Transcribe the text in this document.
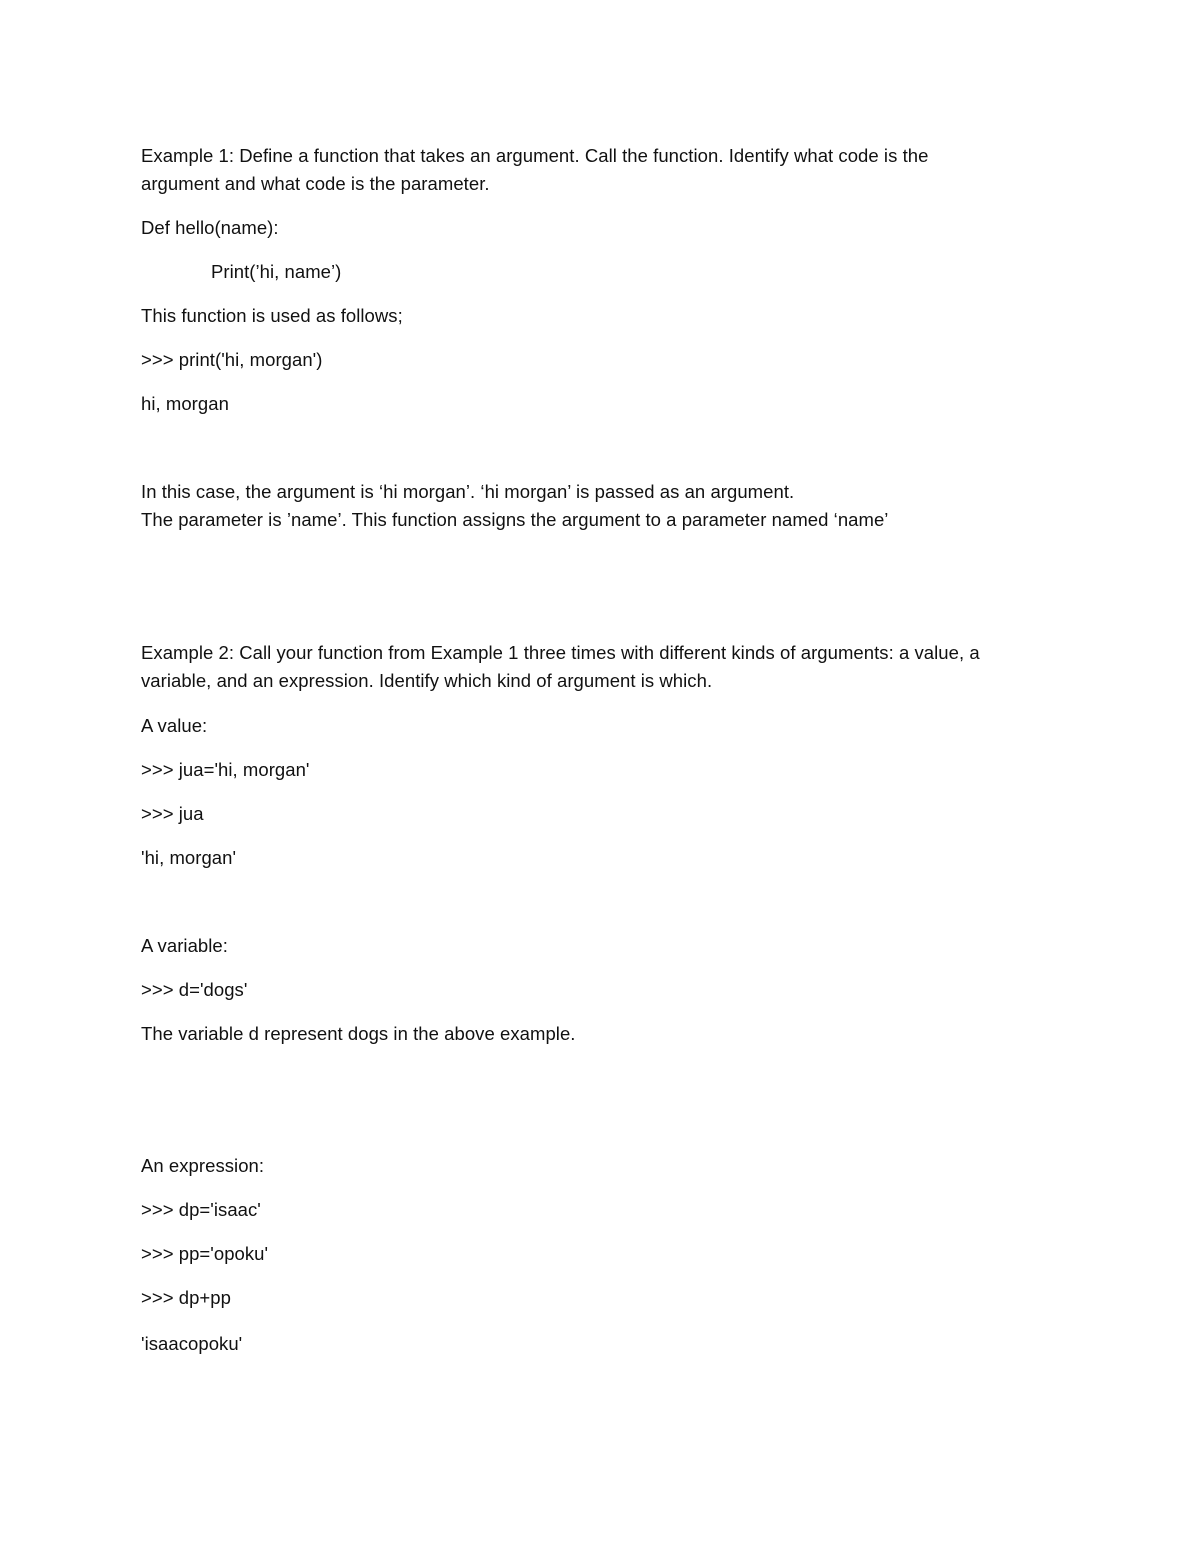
Example 1: Define a function that takes an argument. Call the function. Identify what code is the
argument and what code is the parameter.
Def hello(name):
Print(’hi, name’)
This function is used as follows;
>>> print('hi, morgan')
hi, morgan
In this case, the argument is ‘hi morgan’. ‘hi morgan’ is passed as an argument.
The parameter is ’name’. This function assigns the argument to a parameter named ‘name’
Example 2: Call your function from Example 1 three times with different kinds of arguments: a value, a
variable, and an expression. Identify which kind of argument is which.
A value:
>>> jua='hi, morgan'
>>> jua
'hi, morgan'
A variable:
>>> d='dogs'
The variable d represent dogs in the above example.
An expression:
>>> dp='isaac'
>>> pp='opoku'
>>> dp+pp
'isaacopoku'
